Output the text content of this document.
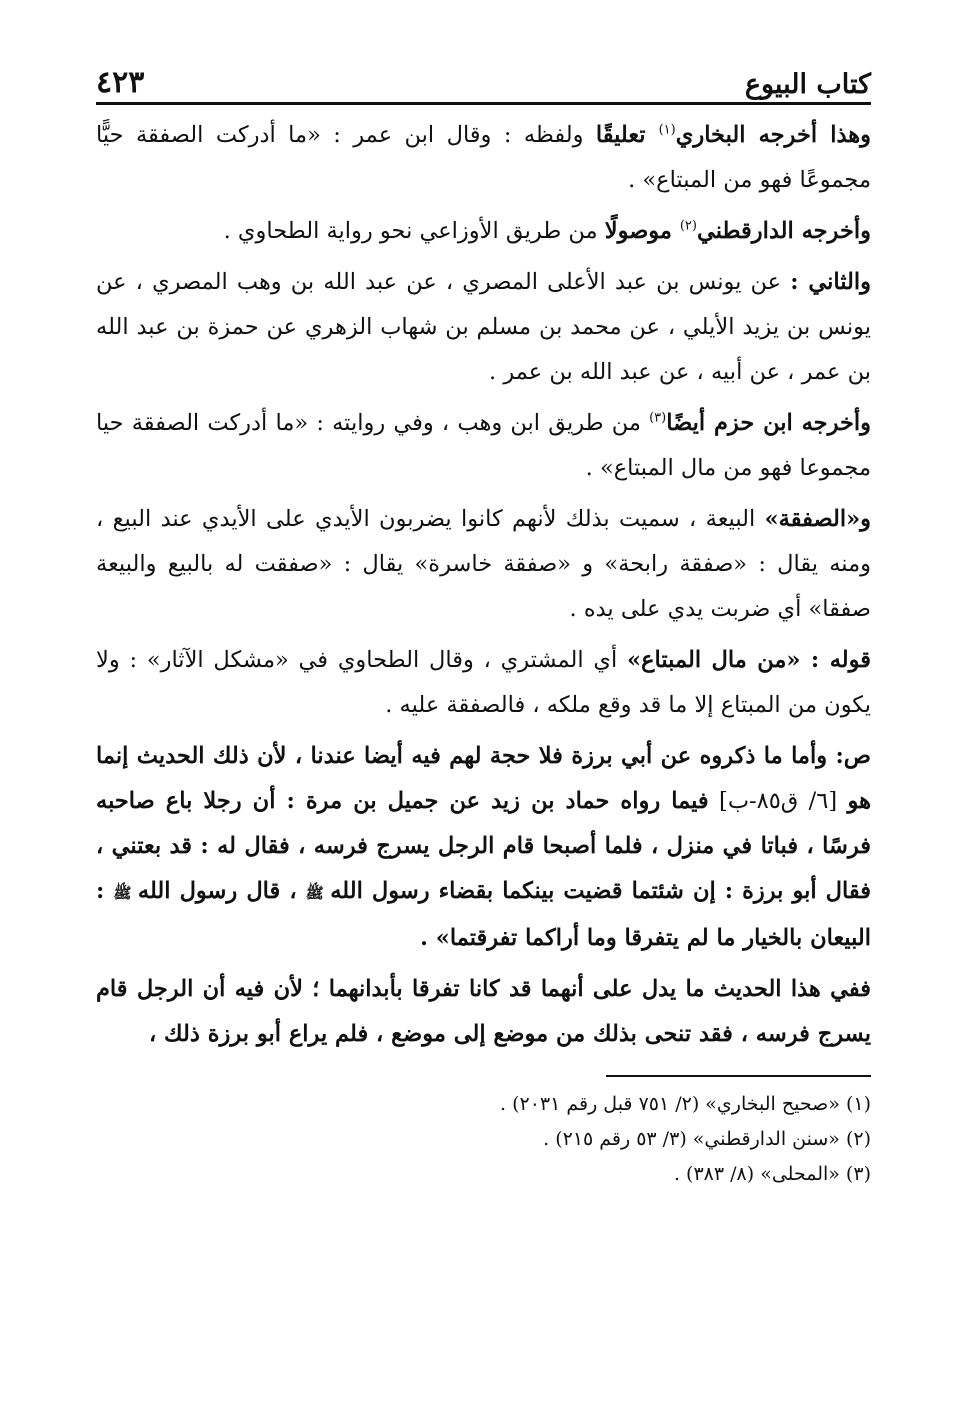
كتاب البيوع
٤٢٣

وهذا أخرجه البخاري$^{(١)}$ تعليقًا ولفظه : وقال ابن عمر : «ما أدركت الصفقة حيًّا مجموعًا فهو من المبتاع» .

وأخرجه الدارقطني$^{(٢)}$ موصولًا من طريق الأوزاعي نحو رواية الطحاوي .

والثاني : عن يونس بن عبد الأعلى المصري ، عن عبد الله بن وهب المصري ، عن يونس بن يزيد الأيلي ، عن محمد بن مسلم بن شهاب الزهري عن حمزة بن عبد الله بن عمر ، عن أبيه ، عن عبد الله بن عمر .

وأخرجه ابن حزم أيضًا$^{(٣)}$ من طريق ابن وهب ، وفي روايته : «ما أدركت الصفقة حيا مجموعا فهو من مال المبتاع» .

و«الصفقة» البيعة ، سميت بذلك لأنهم كانوا يضربون الأيدي على الأيدي عند البيع ، ومنه يقال : «صفقة رابحة» و «صفقة خاسرة» يقال : «صفقت له بالبيع والبيعة صفقا» أي ضربت يدي على يده .

قوله : «من مال المبتاع» أي المشتري ، وقال الطحاوي في «مشكل الآثار» : ولا يكون من المبتاع إلا ما قد وقع ملكه ، فالصفقة عليه .

ص: وأما ما ذكروه عن أبي برزة فلا حجة لهم فيه أيضا عندنا ، لأن ذلك الحديث إنما هو [٦/ ق٨٥-ب] فيما رواه حماد بن زيد عن جميل بن مرة : أن رجلا باع صاحبه فرسًا ، فباتا في منزل ، فلما أصبحا قام الرجل يسرج فرسه ، فقال له : قد بعتني ، فقال أبو برزة : إن شئتما قضيت بينكما بقضاء رسول الله ﷺ ، قال رسول الله ﷺ : البيعان بالخيار ما لم يتفرقا وما أراكما تفرقتما» .

ففي هذا الحديث ما يدل على أنهما قد كانا تفرقا بأبدانهما ؛ لأن فيه أن الرجل قام يسرج فرسه ، فقد تنحى بذلك من موضع إلى موضع ، فلم يراع أبو برزة ذلك ،

(١) «صحيح البخاري» (٢/ ٧٥١ قبل رقم ٢٠٣١) .

(٢) «سنن الدارقطني» (٣/ ٥٣ رقم ٢١٥) .

(٣) «المحلى» (٨/ ٣٨٣) .
